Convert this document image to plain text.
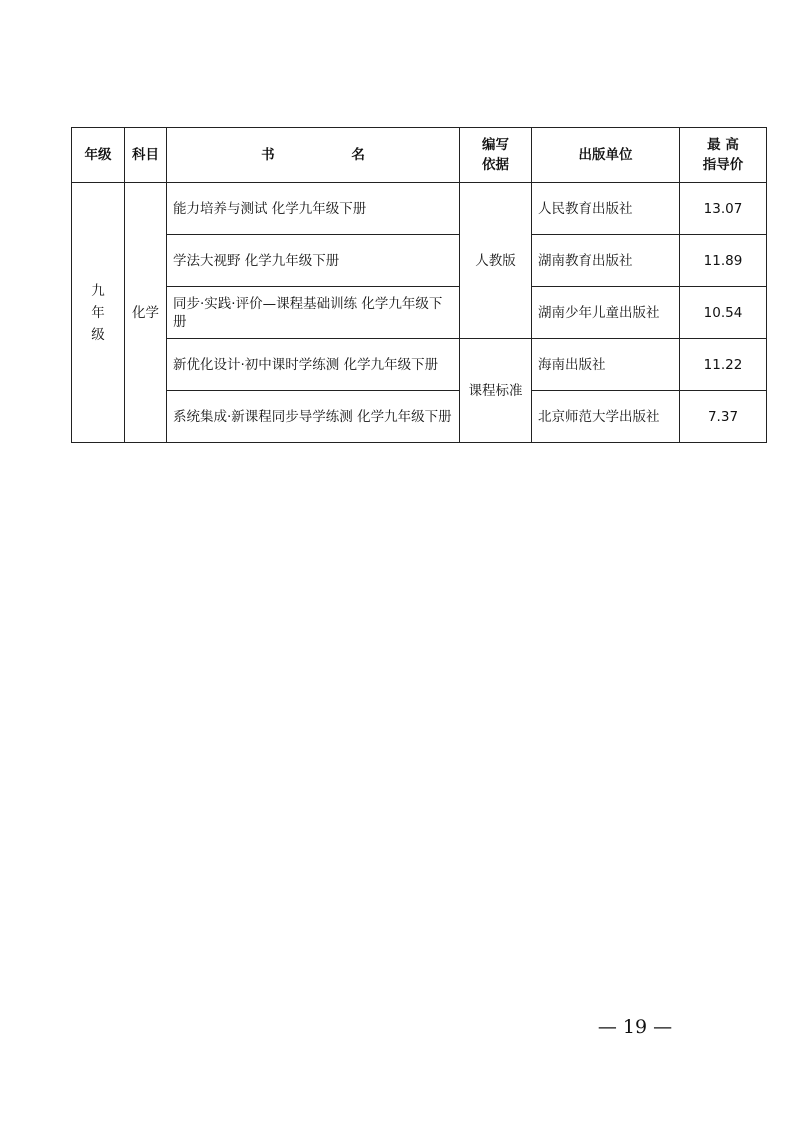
年级	科目	书 名	编写依据	出版单位	最 高指导价
九年级	化学	能力培养与测试 化学九年级下册	人教版	人民教育出版社	13.07
		学法大视野 化学九年级下册		湖南教育出版社	11.89
		同步·实践·评价—课程基础训练 化学九年级下册		湖南少年儿童出版社	10.54
		新优化设计·初中课时学练测 化学九年级下册	课程标准	海南出版社	11.22
		系统集成·新课程同步导学练测 化学九年级下册		北京师范大学出版社	7.37
— 19 —
